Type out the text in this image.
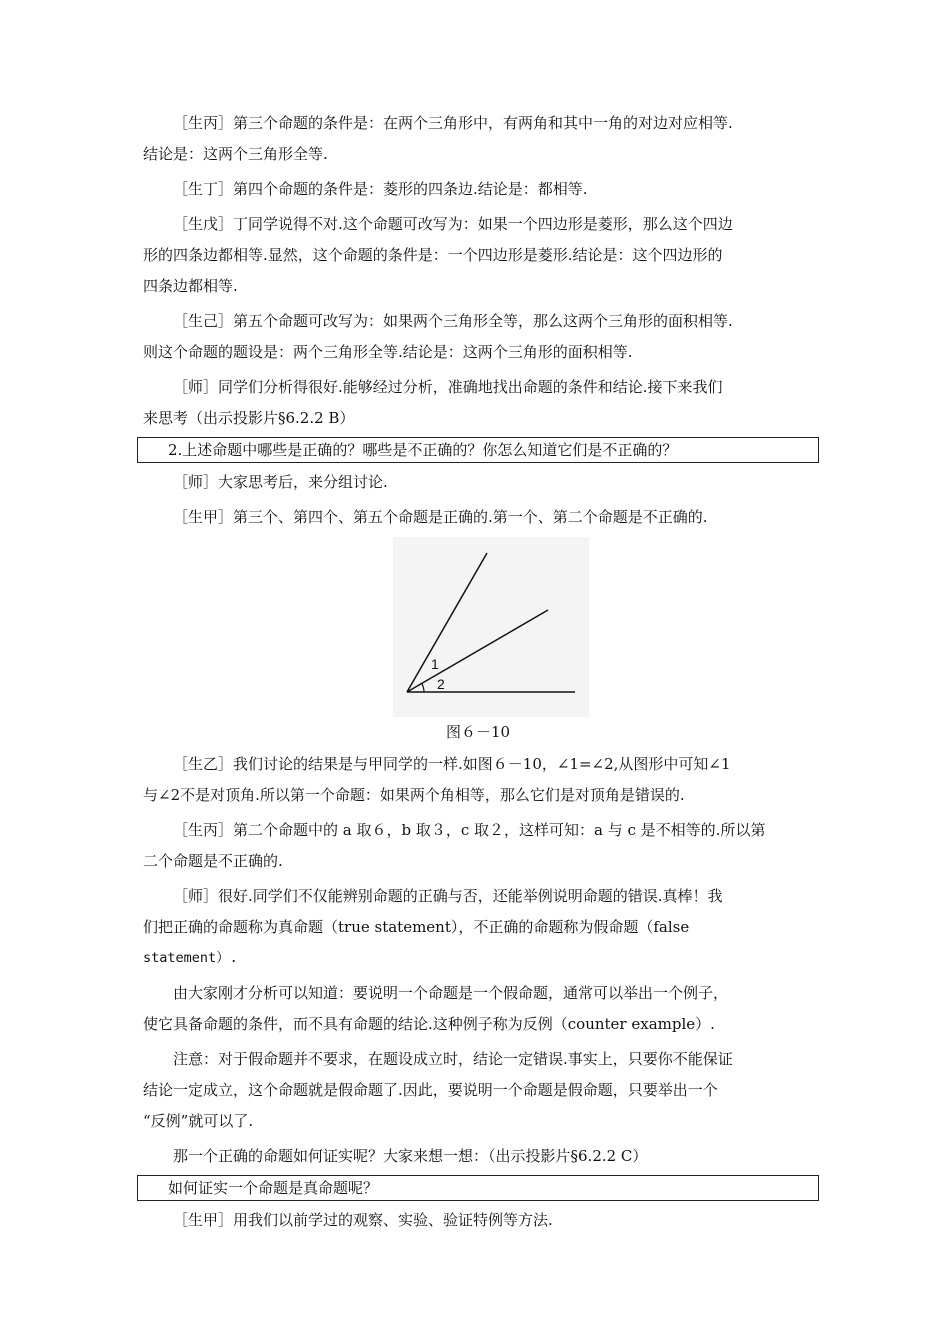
［生丙］第三个命题的条件是：在两个三角形中，有两角和其中一角的对边对应相等.
结论是：这两个三角形全等.
［生丁］第四个命题的条件是：菱形的四条边.结论是：都相等.
［生戊］丁同学说得不对.这个命题可改写为：如果一个四边形是菱形，那么这个四边
形的四条边都相等.显然，这个命题的条件是：一个四边形是菱形.结论是：这个四边形的
四条边都相等.
［生己］第五个命题可改写为：如果两个三角形全等，那么这两个三角形的面积相等.
则这个命题的题设是：两个三角形全等.结论是：这两个三角形的面积相等.
［师］同学们分析得很好.能够经过分析，准确地找出命题的条件和结论.接下来我们
来思考（出示投影片§6.2.2 B）
2.上述命题中哪些是正确的？哪些是不正确的？你怎么知道它们是不正确的？
［师］大家思考后，来分组讨论.
［生甲］第三个、第四个、第五个命题是正确的.第一个、第二个命题是不正确的.
1
2
图６－10
［生乙］我们讨论的结果是与甲同学的一样.如图６－10，∠1=∠2,从图形中可知∠1
与∠2不是对顶角.所以第一个命题：如果两个角相等，那么它们是对顶角是错误的.
［生丙］第二个命题中的 a 取６，b 取３，c 取２，这样可知：a 与 c 是不相等的.所以第
二个命题是不正确的.
［师］很好.同学们不仅能辨别命题的正确与否，还能举例说明命题的错误.真棒！我
们把正确的命题称为真命题（true statement），不正确的命题称为假命题（false
statement）.
由大家刚才分析可以知道：要说明一个命题是一个假命题，通常可以举出一个例子，
使它具备命题的条件，而不具有命题的结论.这种例子称为反例（counter example）.
注意：对于假命题并不要求，在题设成立时，结论一定错误.事实上，只要你不能保证
结论一定成立，这个命题就是假命题了.因此，要说明一个命题是假命题，只要举出一个
“反例”就可以了.
那一个正确的命题如何证实呢？大家来想一想：（出示投影片§6.2.2 C）
如何证实一个命题是真命题呢？
［生甲］用我们以前学过的观察、实验、验证特例等方法.
